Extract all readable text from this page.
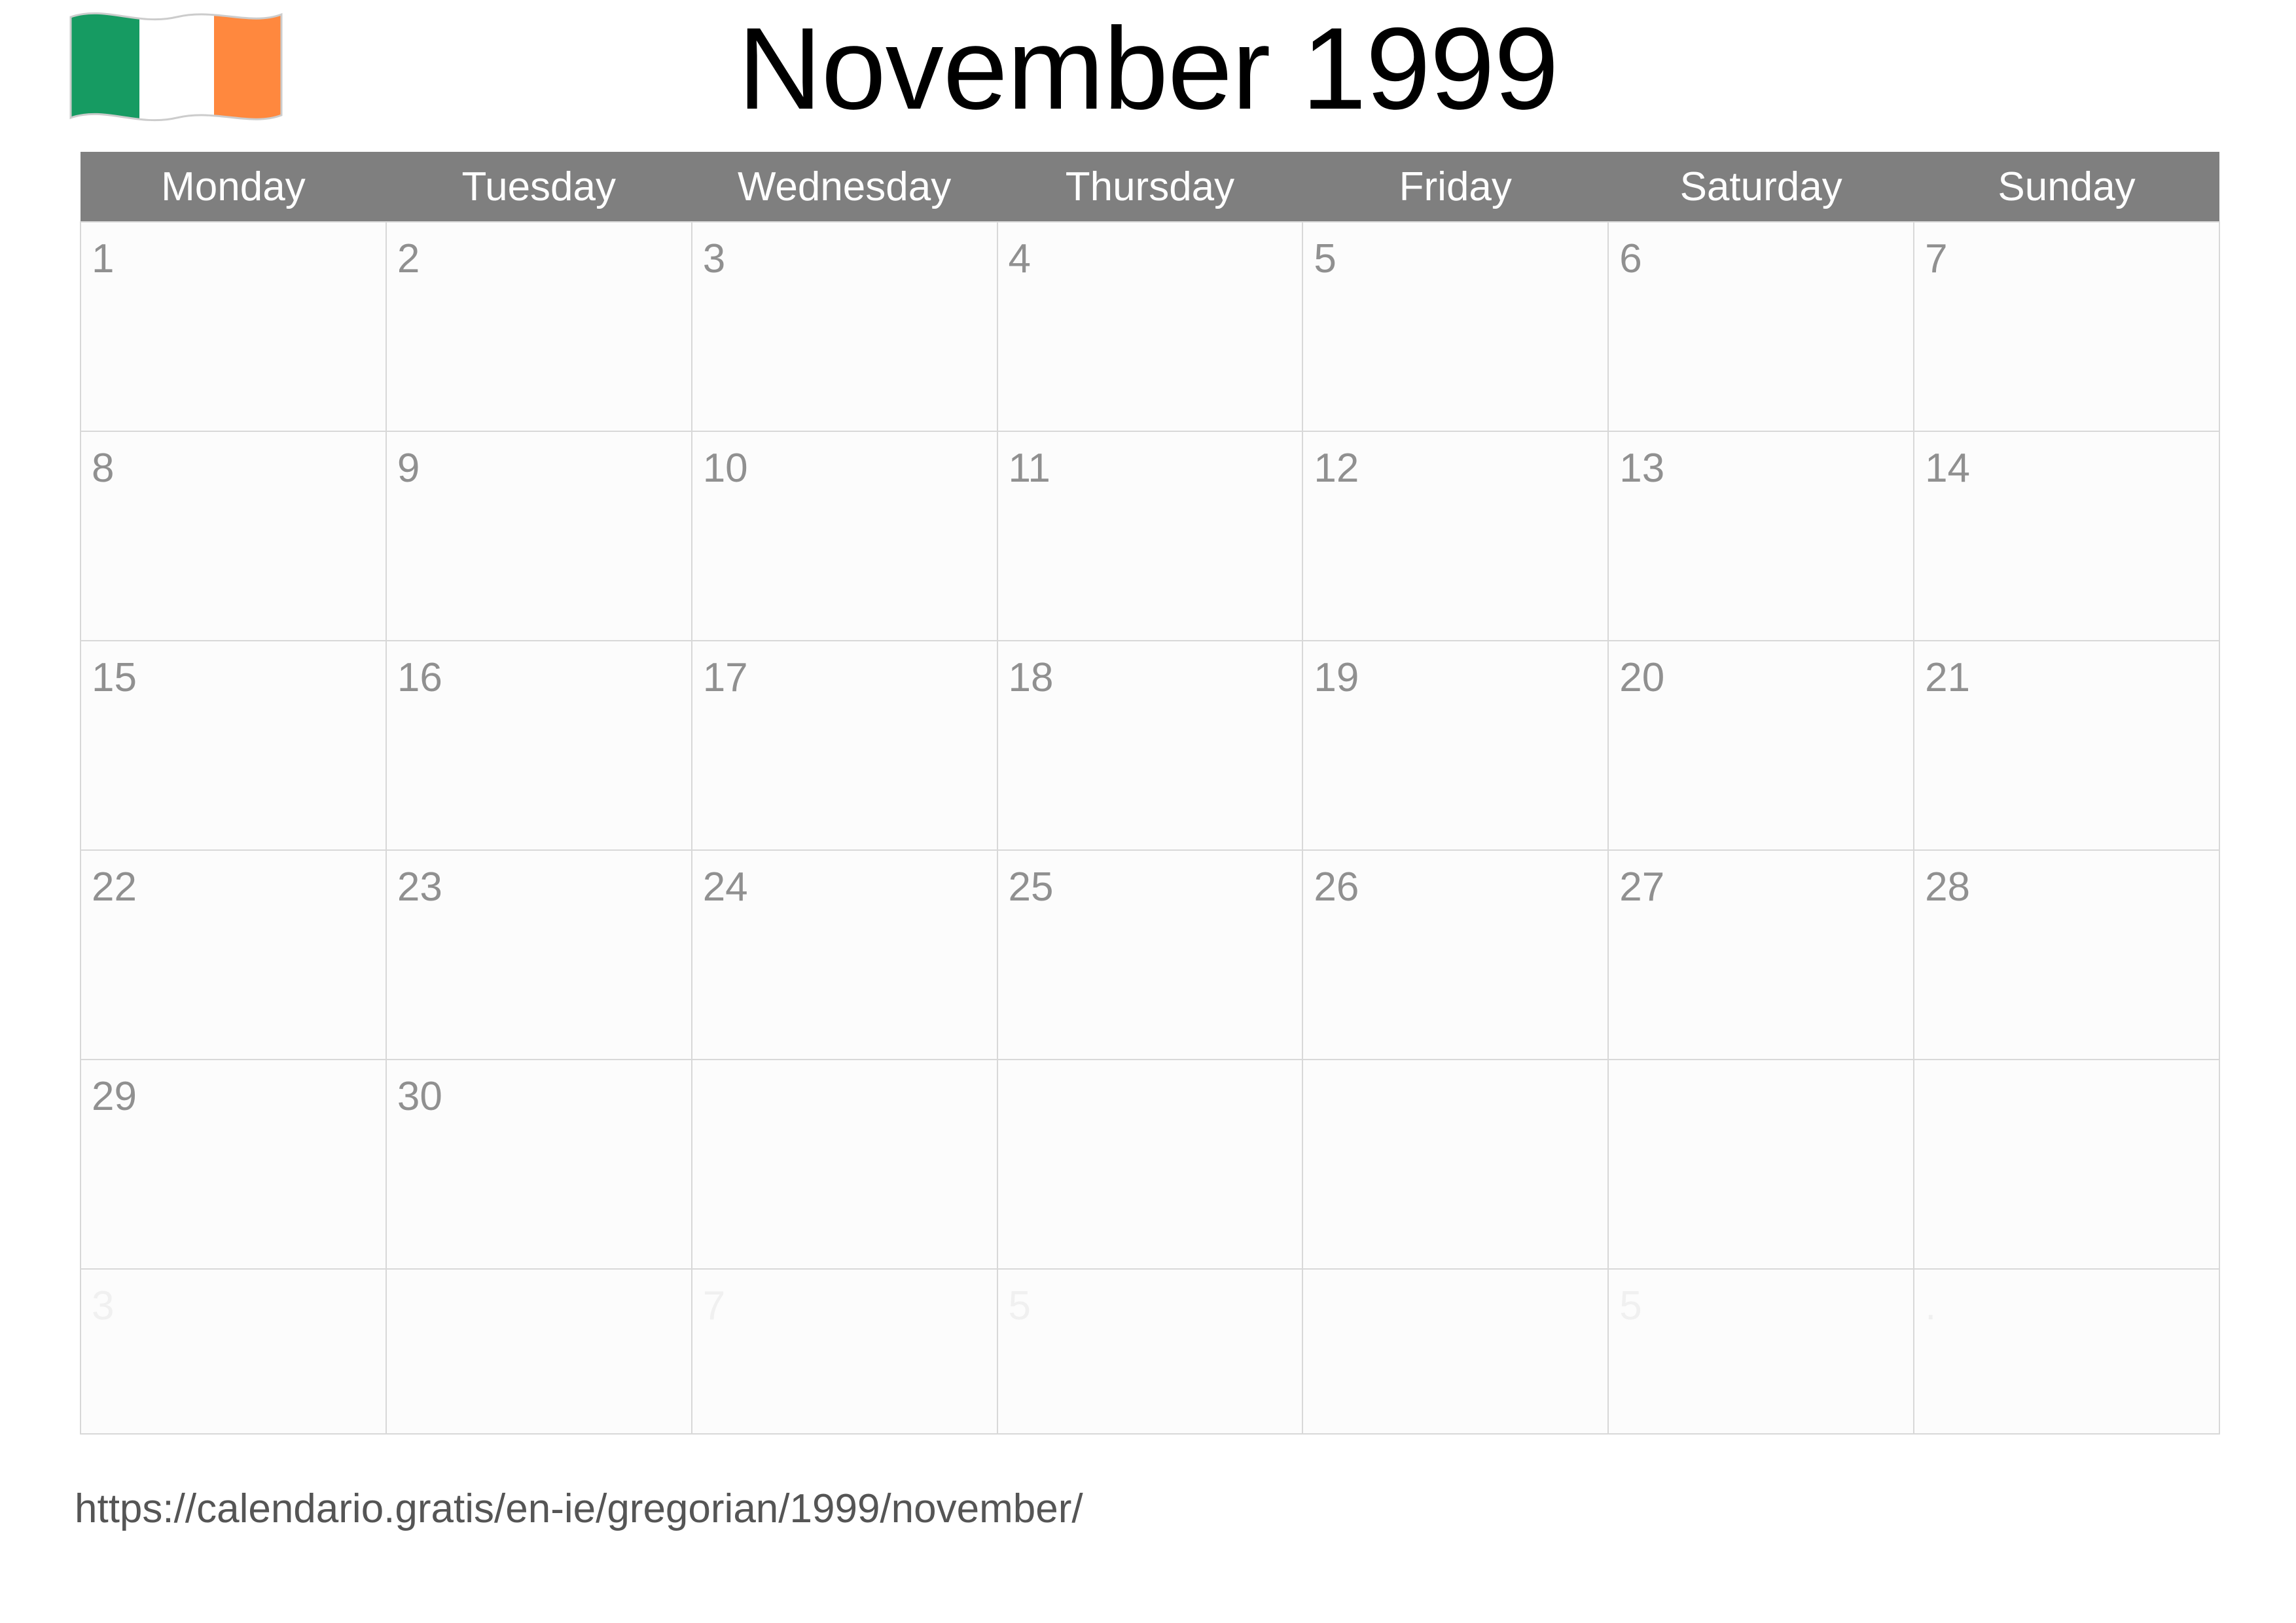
November 1999
Monday	Tuesday	Wednesday	Thursday	Friday	Saturday	Sunday

1	2	3	4	5	6	7

8	9	10	11	12	13	14

15	16	17	18	19	20	21

22	23	24	25	26	27	28

29	30					

3		7	5		5	.
https://calendario.gratis/en-ie/gregorian/1999/november/
